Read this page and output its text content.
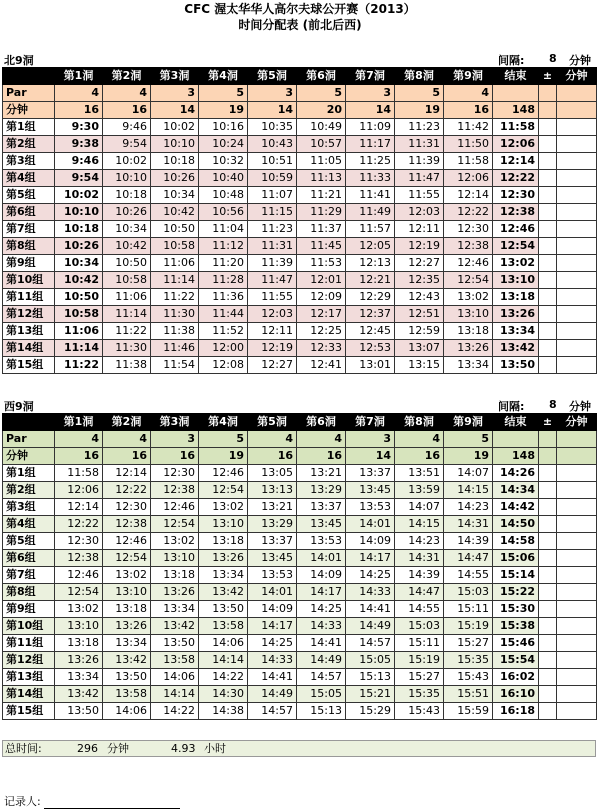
CFC 渥太华华人高尔夫球公开赛（2013）
时间分配表 (前北后西)
北9洞	间隔: 8 分钟
	第1洞	第2洞	第3洞	第4洞	第5洞	第6洞	第7洞	第8洞	第9洞	结束	±	分钟
Par	4	4	3	5	3	5	3	5	4			
分钟	16	16	14	19	14	20	14	19	16	148		
第1组	9:30	9:46	10:02	10:16	10:35	10:49	11:09	11:23	11:42	11:58		
第2组	9:38	9:54	10:10	10:24	10:43	10:57	11:17	11:31	11:50	12:06		
第3组	9:46	10:02	10:18	10:32	10:51	11:05	11:25	11:39	11:58	12:14		
第4组	9:54	10:10	10:26	10:40	10:59	11:13	11:33	11:47	12:06	12:22		
第5组	10:02	10:18	10:34	10:48	11:07	11:21	11:41	11:55	12:14	12:30		
第6组	10:10	10:26	10:42	10:56	11:15	11:29	11:49	12:03	12:22	12:38		
第7组	10:18	10:34	10:50	11:04	11:23	11:37	11:57	12:11	12:30	12:46		
第8组	10:26	10:42	10:58	11:12	11:31	11:45	12:05	12:19	12:38	12:54		
第9组	10:34	10:50	11:06	11:20	11:39	11:53	12:13	12:27	12:46	13:02		
第10组	10:42	10:58	11:14	11:28	11:47	12:01	12:21	12:35	12:54	13:10		
第11组	10:50	11:06	11:22	11:36	11:55	12:09	12:29	12:43	13:02	13:18		
第12组	10:58	11:14	11:30	11:44	12:03	12:17	12:37	12:51	13:10	13:26		
第13组	11:06	11:22	11:38	11:52	12:11	12:25	12:45	12:59	13:18	13:34		
第14组	11:14	11:30	11:46	12:00	12:19	12:33	12:53	13:07	13:26	13:42		
第15组	11:22	11:38	11:54	12:08	12:27	12:41	13:01	13:15	13:34	13:50		
西9洞	间隔: 8 分钟
	第1洞	第2洞	第3洞	第4洞	第5洞	第6洞	第7洞	第8洞	第9洞	结束	±	分钟
Par	4	4	3	5	4	4	3	4	5			
分钟	16	16	16	19	16	16	14	16	19	148		
第1组	11:58	12:14	12:30	12:46	13:05	13:21	13:37	13:51	14:07	14:26		
第2组	12:06	12:22	12:38	12:54	13:13	13:29	13:45	13:59	14:15	14:34		
第3组	12:14	12:30	12:46	13:02	13:21	13:37	13:53	14:07	14:23	14:42		
第4组	12:22	12:38	12:54	13:10	13:29	13:45	14:01	14:15	14:31	14:50		
第5组	12:30	12:46	13:02	13:18	13:37	13:53	14:09	14:23	14:39	14:58		
第6组	12:38	12:54	13:10	13:26	13:45	14:01	14:17	14:31	14:47	15:06		
第7组	12:46	13:02	13:18	13:34	13:53	14:09	14:25	14:39	14:55	15:14		
第8组	12:54	13:10	13:26	13:42	14:01	14:17	14:33	14:47	15:03	15:22		
第9组	13:02	13:18	13:34	13:50	14:09	14:25	14:41	14:55	15:11	15:30		
第10组	13:10	13:26	13:42	13:58	14:17	14:33	14:49	15:03	15:19	15:38		
第11组	13:18	13:34	13:50	14:06	14:25	14:41	14:57	15:11	15:27	15:46		
第12组	13:26	13:42	13:58	14:14	14:33	14:49	15:05	15:19	15:35	15:54		
第13组	13:34	13:50	14:06	14:22	14:41	14:57	15:13	15:27	15:43	16:02		
第14组	13:42	13:58	14:14	14:30	14:49	15:05	15:21	15:35	15:51	16:10		
第15组	13:50	14:06	14:22	14:38	14:57	15:13	15:29	15:43	15:59	16:18		
总时间:	296 分钟	4.93 小时
记录人:
